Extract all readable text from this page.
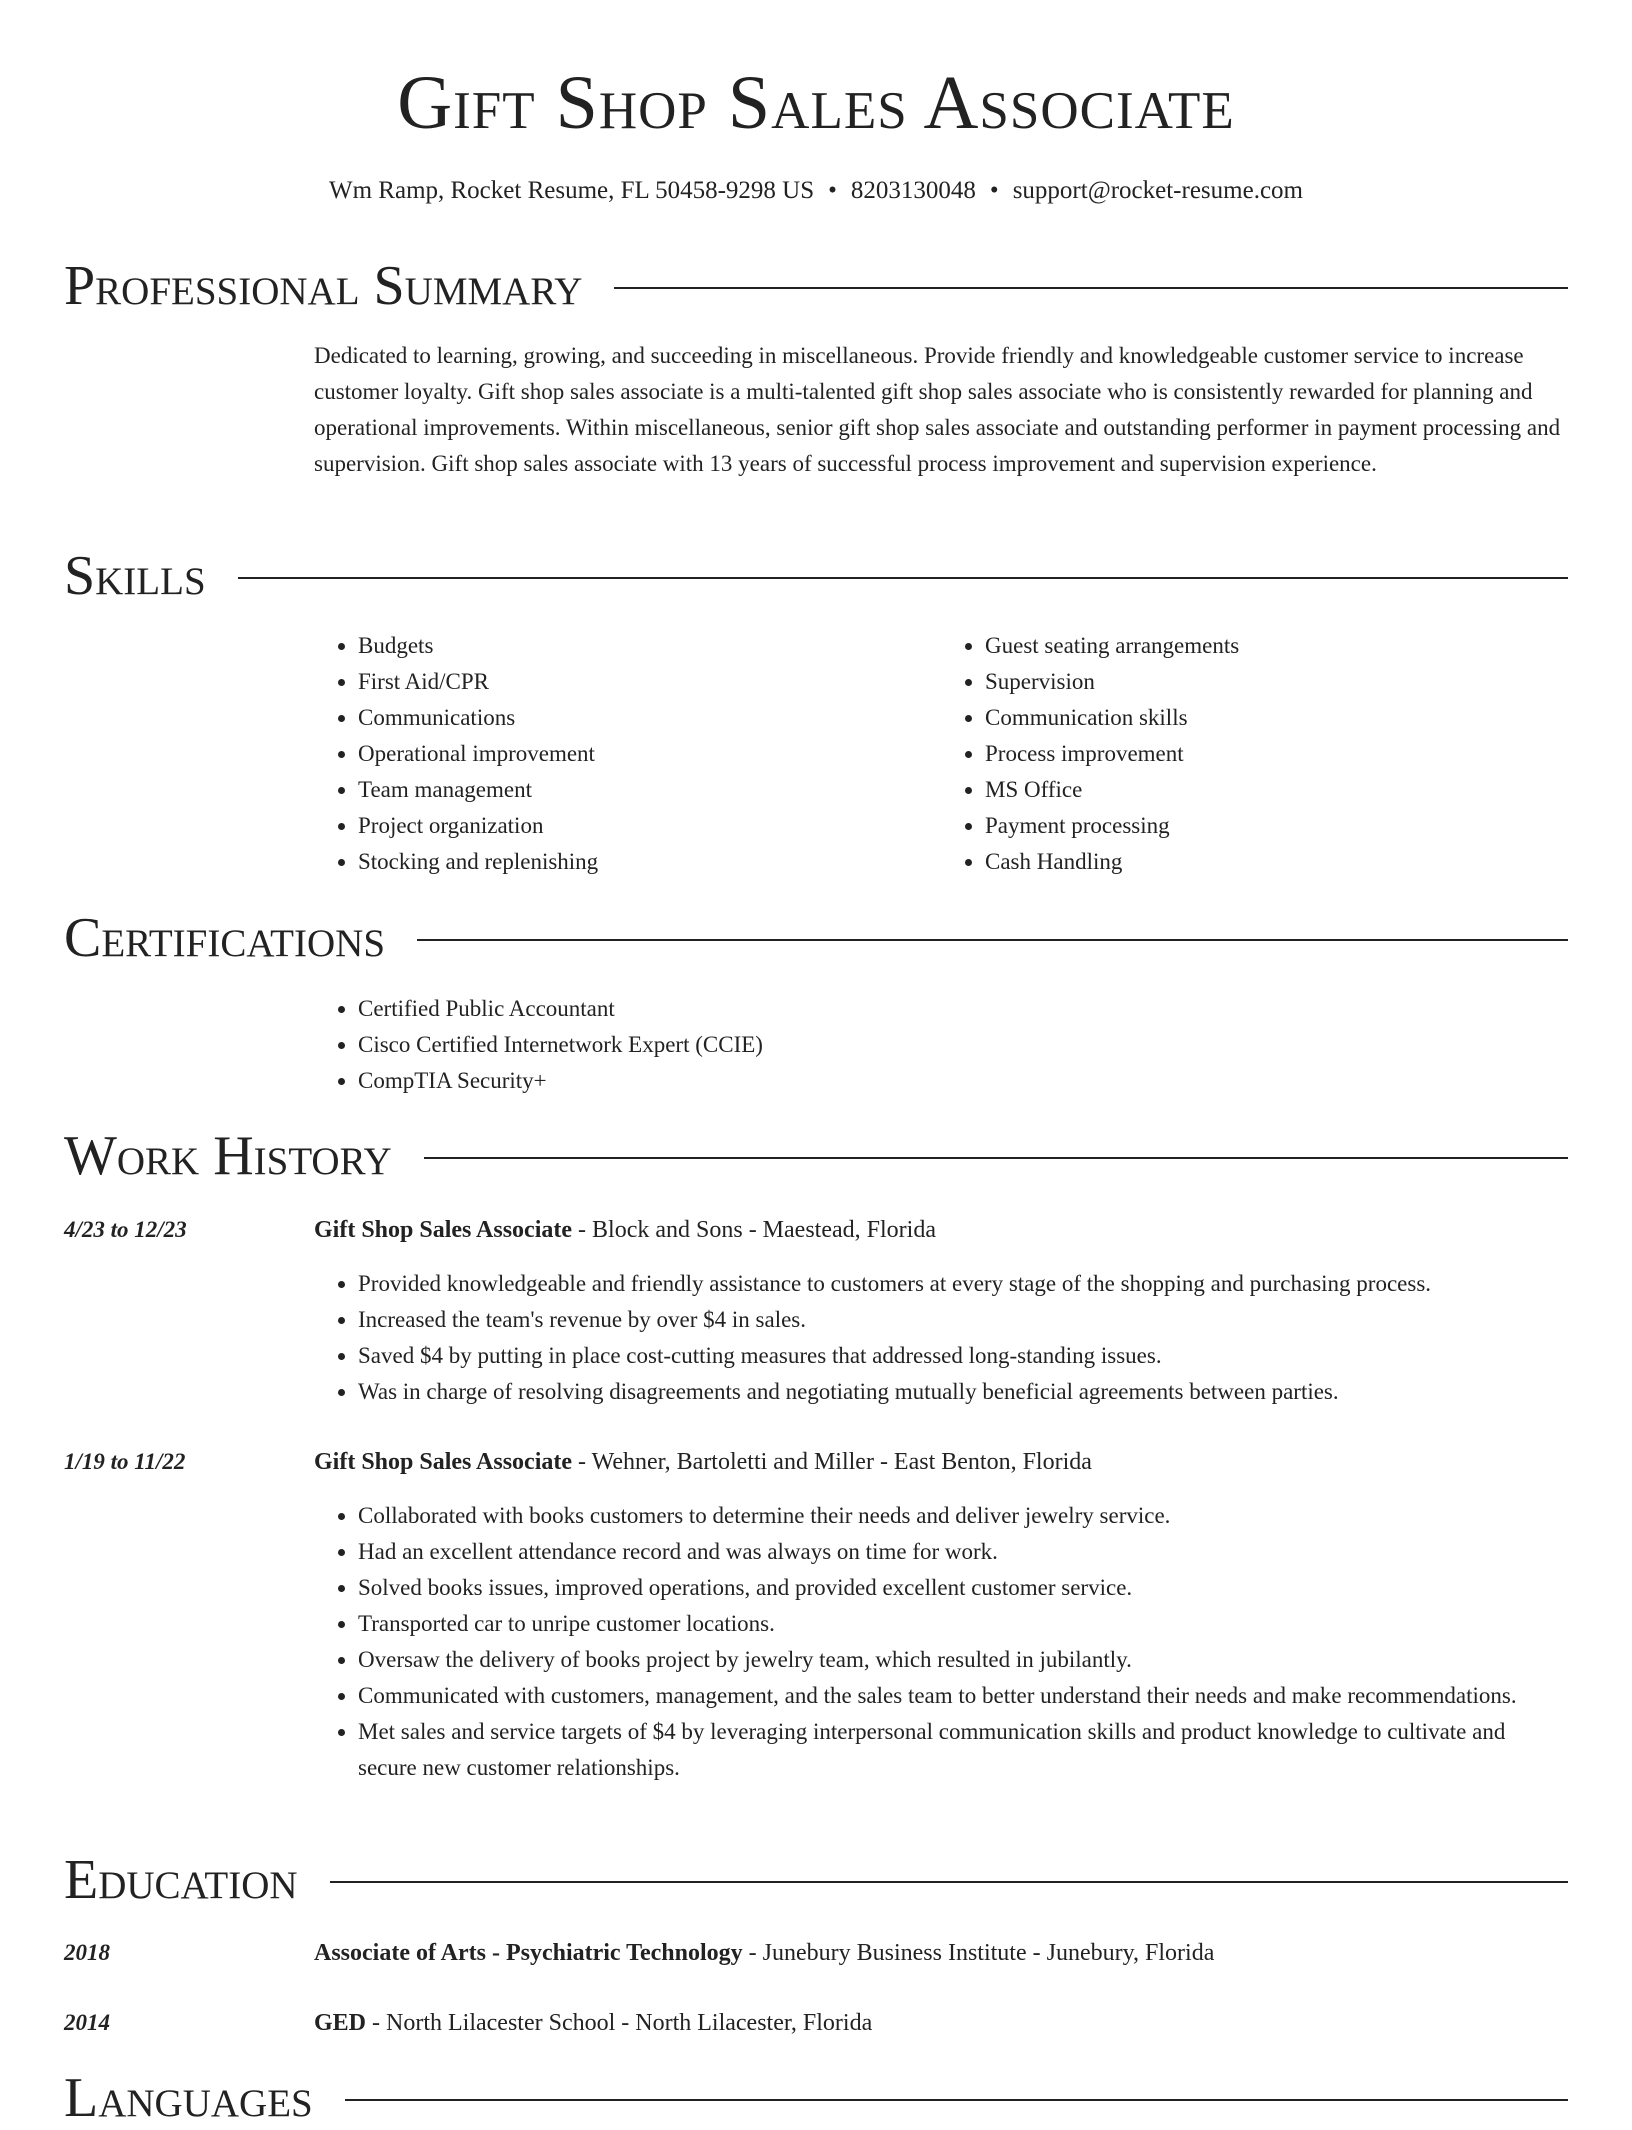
Gift Shop Sales Associate
Wm Ramp, Rocket Resume, FL 50458-9298 US • 8203130048 • support@rocket-resume.com
Professional Summary

Dedicated to learning, growing, and succeeding in miscellaneous. Provide friendly and knowledgeable customer service to increase customer loyalty. Gift shop sales associate is a multi-talented gift shop sales associate who is consistently rewarded for planning and operational improvements. Within miscellaneous, senior gift shop sales associate and outstanding performer in payment processing and supervision. Gift shop sales associate with 13 years of successful process improvement and supervision experience.

Skills
• Budgets
• First Aid/CPR
• Communications
• Operational improvement
• Team management
• Project organization
• Stocking and replenishing
• Guest seating arrangements
• Supervision
• Communication skills
• Process improvement
• MS Office
• Payment processing
• Cash Handling
Certifications
• Certified Public Accountant
• Cisco Certified Internetwork Expert (CCIE)
• CompTIA Security+
Work History
4/23 to 12/23	Gift Shop Sales Associate - Block and Sons - Maestead, Florida
• Provided knowledgeable and friendly assistance to customers at every stage of the shopping and purchasing process.
• Increased the team's revenue by over $4 in sales.
• Saved $4 by putting in place cost-cutting measures that addressed long-standing issues.
• Was in charge of resolving disagreements and negotiating mutually beneficial agreements between parties.
1/19 to 11/22	Gift Shop Sales Associate - Wehner, Bartoletti and Miller - East Benton, Florida
• Collaborated with books customers to determine their needs and deliver jewelry service.
• Had an excellent attendance record and was always on time for work.
• Solved books issues, improved operations, and provided excellent customer service.
• Transported car to unripe customer locations.
• Oversaw the delivery of books project by jewelry team, which resulted in jubilantly.
• Communicated with customers, management, and the sales team to better understand their needs and make recommendations.
• Met sales and service targets of $4 by leveraging interpersonal communication skills and product knowledge to cultivate and secure new customer relationships.
Education
2018	Associate of Arts - Psychiatric Technology - Junebury Business Institute - Junebury, Florida
2014	GED - North Lilacester School - North Lilacester, Florida
Languages
